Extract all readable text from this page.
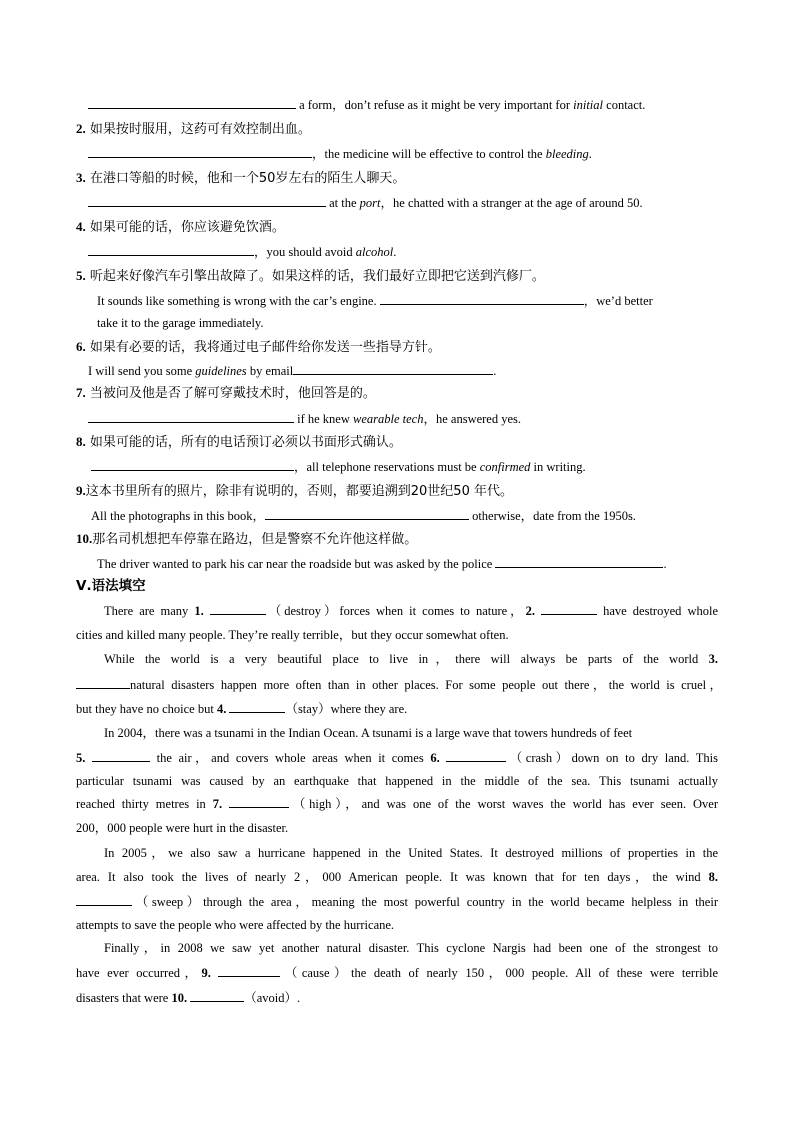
a form，don’t refuse as it might be very important for initial contact.
2. 如果按时服用，这药可有效控制出血。
，the medicine will be effective to control the bleeding.
3. 在港口等船的时候，他和一个50岁左右的陌生人聊天。
at the port，he chatted with a stranger at the age of around 50.
4. 如果可能的话，你应该避免饮酒。
，you should avoid alcohol.
5. 听起来好像汽车引擎出故障了。如果这样的话，我们最好立即把它送到汽修厂。
It sounds like something is wrong with the car’s engine.	，we’d better
take it to the garage immediately.
6. 如果有必要的话，我将通过电子邮件给你发送一些指导方针。
I will send you some guidelines by email	.
7. 当被问及他是否了解可穿戴技术时，他回答是的。
if he knew wearable tech，he answered yes.
8. 如果可能的话，所有的电话预订必须以书面形式确认。
，all telephone reservations must be confirmed in writing.
9.这本书里所有的照片，除非有说明的，否则，都要追溯到20世纪50 年代。
All the photographs in this book，	otherwise，date from the 1950s.
10.那名司机想把车停靠在路边，但是警察不允许他这样做。
The driver wanted to park his car near the roadside but was asked by the police	.
Ⅴ.语法填空
There are many 1.	（destroy）forces when it comes to nature，2.	have destroyed whole
cities and killed many people. They’re really terrible，but they occur somewhat often.
While the world is a very beautiful place to live in，there will always be parts of the world 3.
natural disasters happen more often than in other places. For some people out there，the world is cruel，
but they have no choice but 4.	（stay）where they are.
In 2004，there was a tsunami in the Indian Ocean. A tsunami is a large wave that towers hundreds of feet
5.	the air，and covers whole areas when it comes 6.	（crash）down on to dry land. This
particular tsunami was caused by an earthquake that happened in the middle of the sea. This tsunami actually
reached thirty metres in 7.	（high），and was one of the worst waves the world has ever seen. Over
200，000 people were hurt in the disaster.
In 2005，we also saw a hurricane happened in the United States. It destroyed millions of properties in the
area. It also took the lives of nearly 2，000 American people. It was known that for ten days，the wind 8.
（sweep）through the area，meaning the most powerful country in the world became helpless in their
attempts to save the people who were affected by the hurricane.
Finally，in 2008 we saw yet another natural disaster. This cyclone Nargis had been one of the strongest to
have ever occurred，9.	（cause）the death of nearly 150，000 people. All of these were terrible
disasters that were 10.	（avoid）.
